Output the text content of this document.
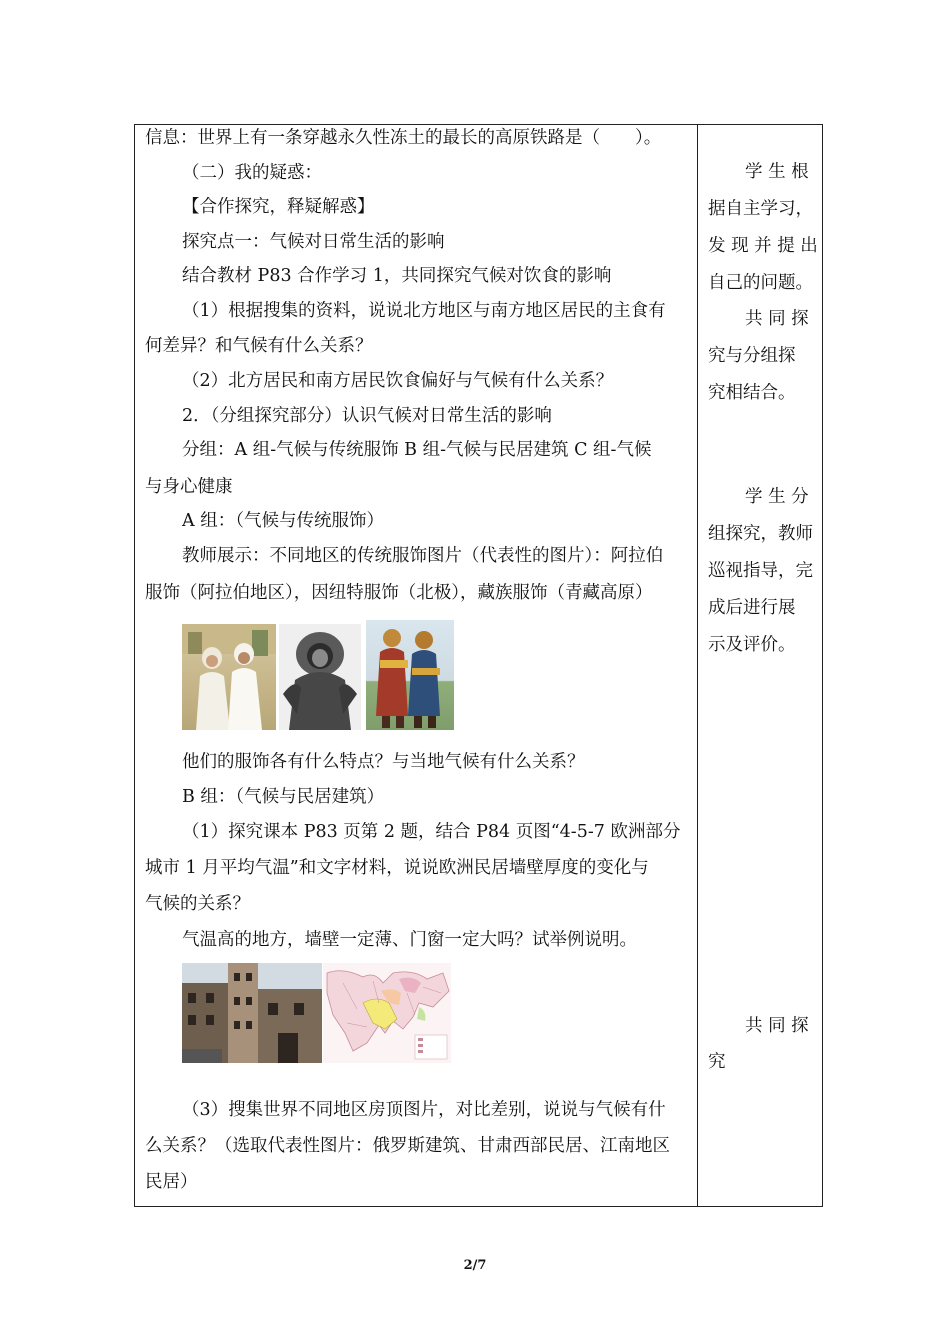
信息：世界上有一条穿越永久性冻土的最长的高原铁路是（　　）。
（二）我的疑惑：
【合作探究，释疑解惑】
探究点一：气候对日常生活的影响
结合教材 P83 合作学习 1，共同探究气候对饮食的影响
（1）根据搜集的资料，说说北方地区与南方地区居民的主食有
何差异？和气候有什么关系？
（2）北方居民和南方居民饮食偏好与气候有什么关系？
2．（分组探究部分）认识气候对日常生活的影响
分组：A 组-气候与传统服饰 B 组-气候与民居建筑 C 组-气候
与身心健康
A 组：（气候与传统服饰）
教师展示：不同地区的传统服饰图片（代表性的图片）：阿拉伯
服饰（阿拉伯地区），因纽特服饰（北极），藏族服饰（青藏高原）
他们的服饰各有什么特点？与当地气候有什么关系？
B 组：（气候与民居建筑）
（1）探究课本 P83 页第 2 题，结合 P84 页图“4-5-7 欧洲部分
城市 1 月平均气温”和文字材料，说说欧洲民居墙壁厚度的变化与
气候的关系？
气温高的地方，墙壁一定薄、门窗一定大吗？试举例说明。
（3）搜集世界不同地区房顶图片，对比差别，说说与气候有什
么关系？（选取代表性图片：俄罗斯建筑、甘肃西部民居、江南地区
民居）
学 生 根
据自主学习，
发 现 并 提 出
自己的问题。
共 同 探
究与分组探
究相结合。
学 生 分
组探究，教师
巡视指导，完
成后进行展
示及评价。
共 同 探
究
2/7
